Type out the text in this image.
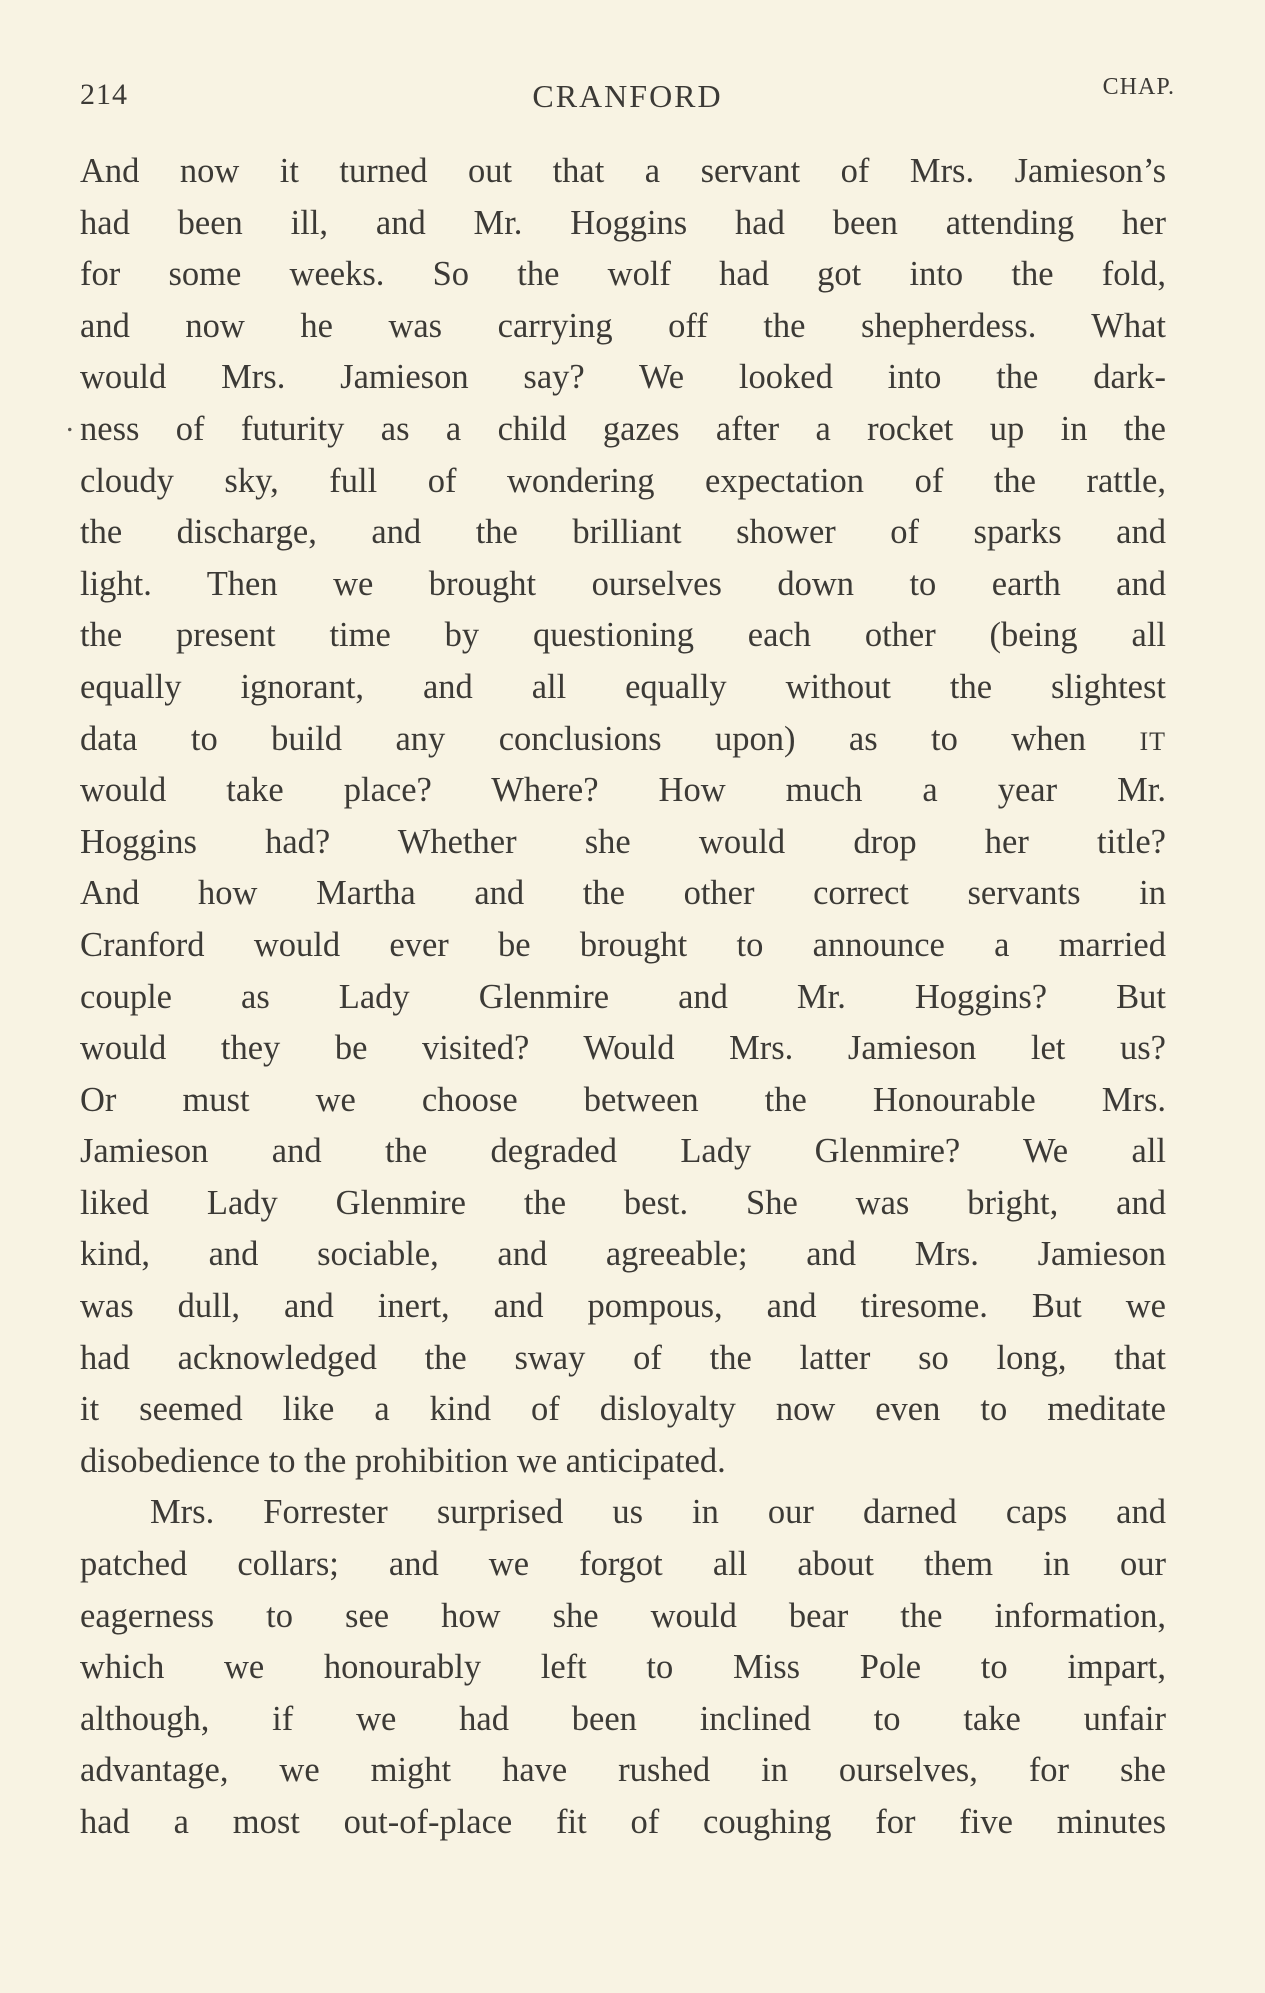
214	CRANFORD	CHAP.
.
And now it turned out that a servant of Mrs. Jamieson’s
had been ill, and Mr. Hoggins had been attending her
for some weeks. So the wolf had got into the fold,
and now he was carrying off the shepherdess. What
would Mrs. Jamieson say? We looked into the dark-
ness of futurity as a child gazes after a rocket up in the
cloudy sky, full of wondering expectation of the rattle,
the discharge, and the brilliant shower of sparks and
light. Then we brought ourselves down to earth and
the present time by questioning each other (being all
equally ignorant, and all equally without the slightest
data to build any conclusions upon) as to when IT
would take place? Where? How much a year Mr.
Hoggins had? Whether she would drop her title?
And how Martha and the other correct servants in
Cranford would ever be brought to announce a married
couple as Lady Glenmire and Mr. Hoggins? But
would they be visited? Would Mrs. Jamieson let us?
Or must we choose between the Honourable Mrs.
Jamieson and the degraded Lady Glenmire? We all
liked Lady Glenmire the best. She was bright, and
kind, and sociable, and agreeable; and Mrs. Jamieson
was dull, and inert, and pompous, and tiresome. But we
had acknowledged the sway of the latter so long, that
it seemed like a kind of disloyalty now even to meditate
disobedience to the prohibition we anticipated.
Mrs. Forrester surprised us in our darned caps and
patched collars; and we forgot all about them in our
eagerness to see how she would bear the information,
which we honourably left to Miss Pole to impart,
although, if we had been inclined to take unfair
advantage, we might have rushed in ourselves, for she
had a most out-of-place fit of coughing for five minutes
